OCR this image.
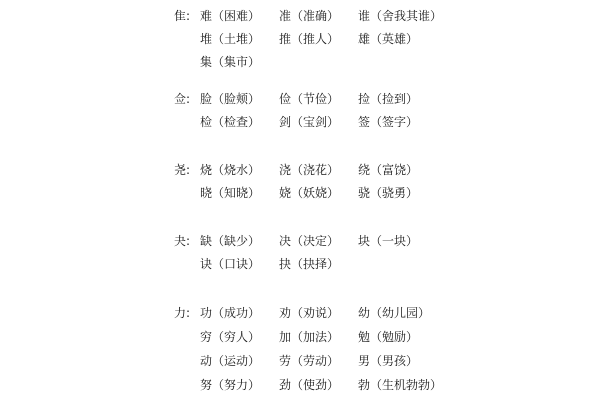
隹: 难（困难） 准（准确） 谁（舍我其谁）
堆（土堆） 推（推人） 雄（英雄）
集（集市）
佥: 脸（脸颊） 俭（节俭） 捡（捡到）
检（检查） 剑（宝剑） 签（签字）
尧: 烧（烧水） 浇（浇花） 绕（富饶）
晓（知晓） 娆（妖娆） 骁（骁勇）
夬: 缺（缺少） 决（决定） 块（一块）
诀（口诀） 抉（抉择）
力: 功（成功） 劝（劝说） 幼（幼儿园）
穷（穷人） 加（加法） 勉（勉励）
动（运动） 劳（劳动） 男（男孩）
努（努力） 劲（使劲） 勃（生机勃勃）
